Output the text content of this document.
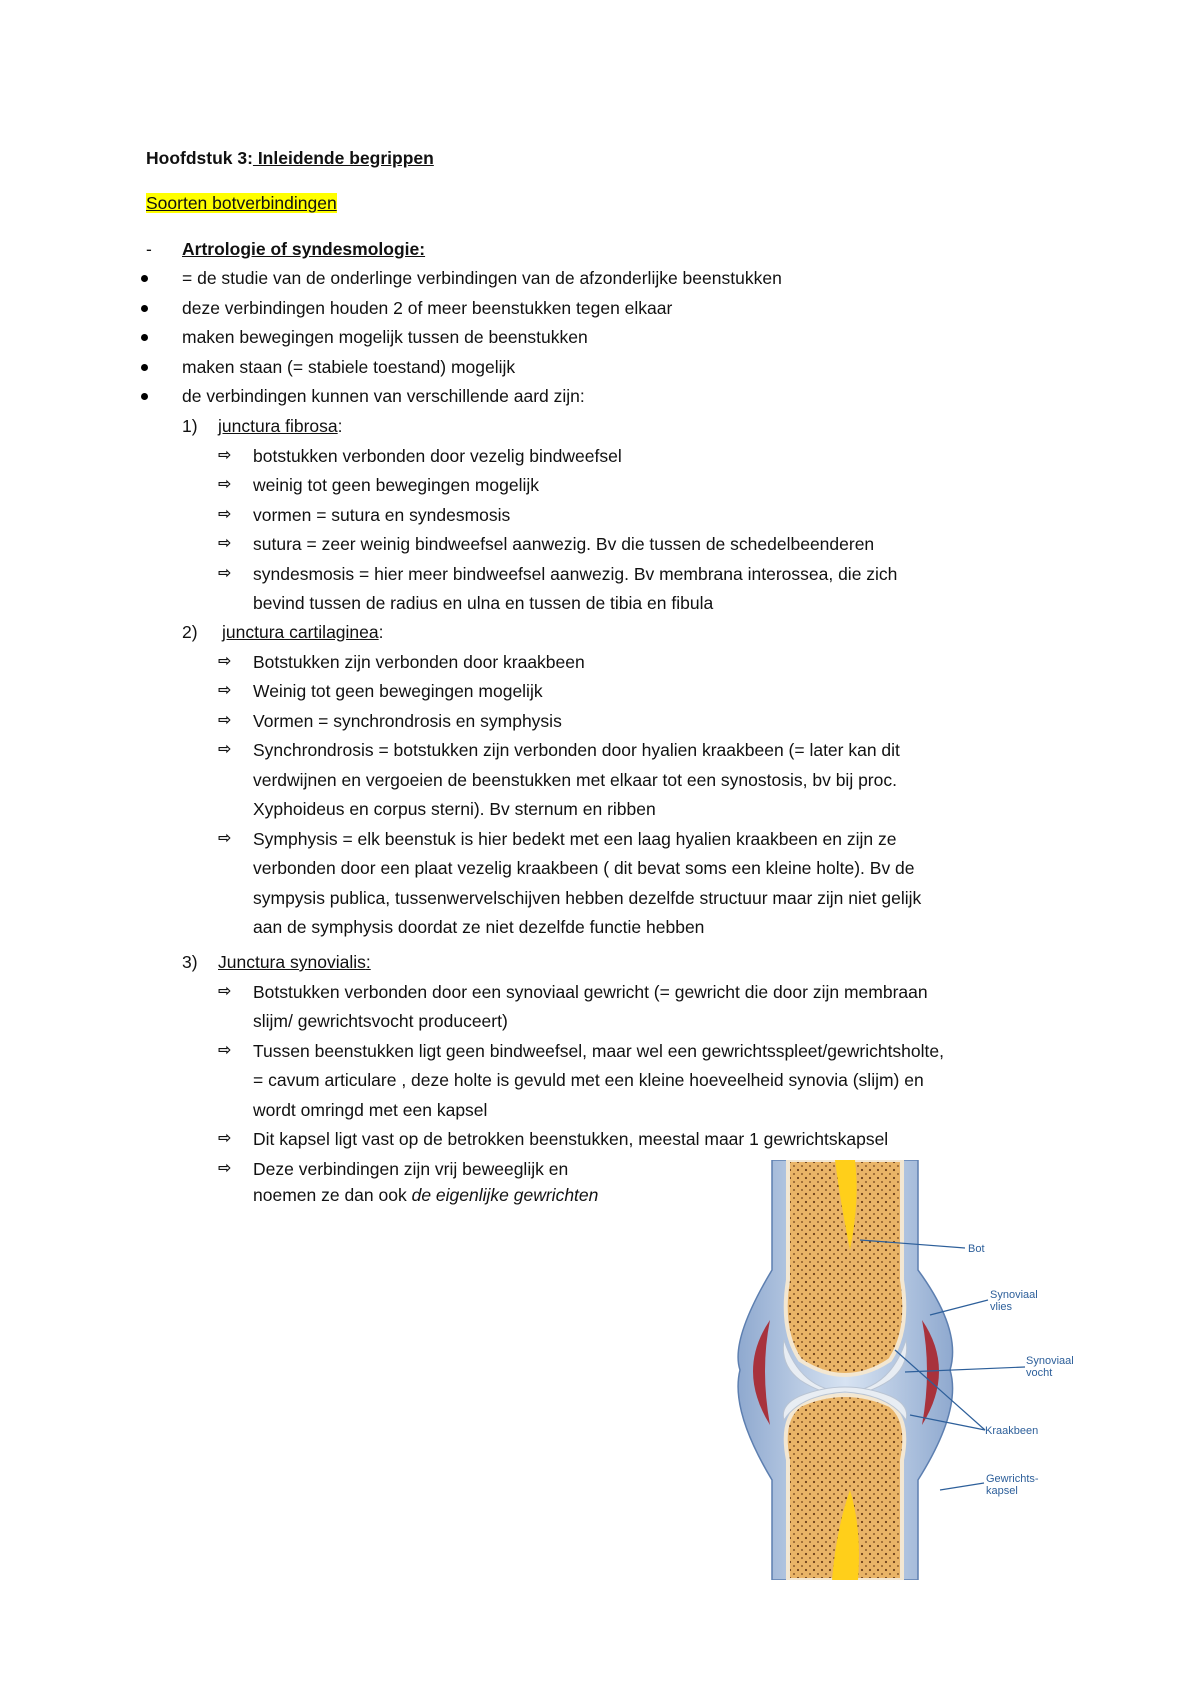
Hoofdstuk 3: Inleidende begrippen
Soorten botverbindingen
- Artrologie of syndesmologie:
= de studie van de onderlinge verbindingen van de afzonderlijke beenstukken
deze verbindingen houden 2 of meer beenstukken tegen elkaar
maken bewegingen mogelijk tussen de beenstukken
maken staan (= stabiele toestand) mogelijk
de verbindingen kunnen van verschillende aard zijn:
1) junctura fibrosa:
⇨ botstukken verbonden door vezelig bindweefsel
⇨ weinig tot geen bewegingen mogelijk
⇨ vormen = sutura en syndesmosis
⇨ sutura = zeer weinig bindweefsel aanwezig. Bv die tussen de schedelbeenderen
⇨ syndesmosis = hier meer bindweefsel aanwezig. Bv membrana interossea, die zich
bevind tussen de radius en ulna en tussen de tibia en fibula
2) junctura cartilaginea:
⇨ Botstukken zijn verbonden door kraakbeen
⇨ Weinig tot geen bewegingen mogelijk
⇨ Vormen = synchrondrosis en symphysis
⇨ Synchrondrosis = botstukken zijn verbonden door hyalien kraakbeen (= later kan dit
verdwijnen en vergoeien de beenstukken met elkaar tot een synostosis, bv bij proc.
Xyphoideus en corpus sterni). Bv sternum en ribben
⇨ Symphysis = elk beenstuk is hier bedekt met een laag hyalien kraakbeen en zijn ze
verbonden door een plaat vezelig kraakbeen ( dit bevat soms een kleine holte). Bv de
sympysis publica, tussenwervelschijven hebben dezelfde structuur maar zijn niet gelijk
aan de symphysis doordat ze niet dezelfde functie hebben
3) Junctura synovialis:
⇨ Botstukken verbonden door een synoviaal gewricht (= gewricht die door zijn membraan
slijm/ gewrichtsvocht produceert)
⇨ Tussen beenstukken ligt geen bindweefsel, maar wel een gewrichtsspleet/gewrichtsholte,
= cavum articulare , deze holte is gevuld met een kleine hoeveelheid synovia (slijm) en
wordt omringd met een kapsel
⇨ Dit kapsel ligt vast op de betrokken beenstukken, meestal maar 1 gewrichtskapsel
⇨ Deze verbindingen zijn vrij beweeglijk en
noemen ze dan ook de eigenlijke gewrichten
Bot
Synoviaal
vlies
Synoviaal
vocht
Kraakbeen
Gewrichts-
kapsel
